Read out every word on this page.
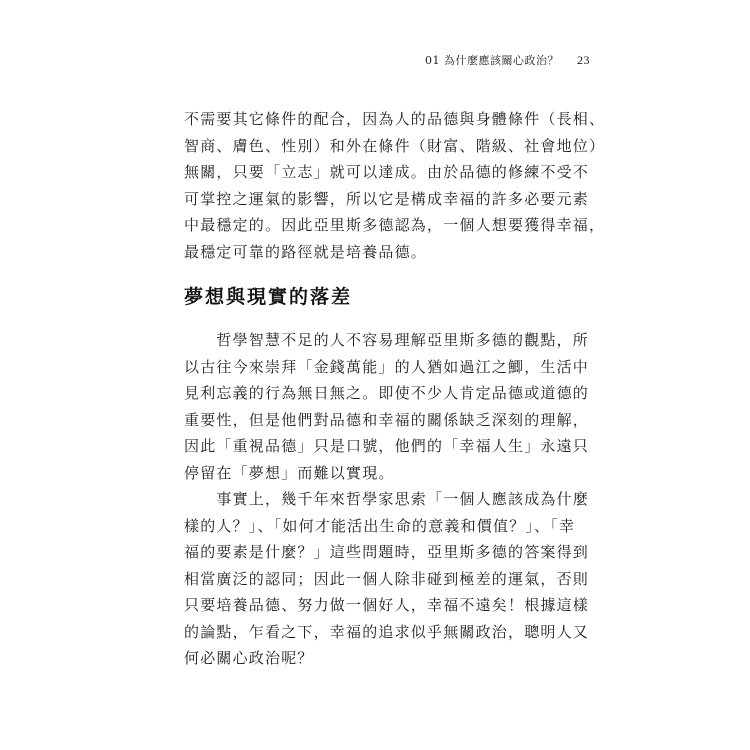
01 為什麼應該關心政治？ 23
不需要其它條件的配合，因為人的品德與身體條件（長相、
智商、膚色、性別）和外在條件（財富、階級、社會地位）
無關，只要「立志」就可以達成。由於品德的修練不受不
可掌控之運氣的影響，所以它是構成幸福的許多必要元素
中最穩定的。因此亞里斯多德認為，一個人想要獲得幸福，
最穩定可靠的路徑就是培養品德。
夢想與現實的落差
　　哲學智慧不足的人不容易理解亞里斯多德的觀點，所
以古往今來崇拜「金錢萬能」的人猶如過江之鯽，生活中
見利忘義的行為無日無之。即使不少人肯定品德或道德的
重要性，但是他們對品德和幸福的關係缺乏深刻的理解，
因此「重視品德」只是口號，他們的「幸福人生」永遠只
停留在「夢想」而難以實現。
　　事實上，幾千年來哲學家思索「一個人應該成為什麼
樣的人？」、「如何才能活出生命的意義和價值？」、「幸
福的要素是什麼？」這些問題時，亞里斯多德的答案得到
相當廣泛的認同；因此一個人除非碰到極差的運氣，否則
只要培養品德、努力做一個好人，幸福不遠矣！根據這樣
的論點，乍看之下，幸福的追求似乎無關政治，聰明人又
何必關心政治呢？
